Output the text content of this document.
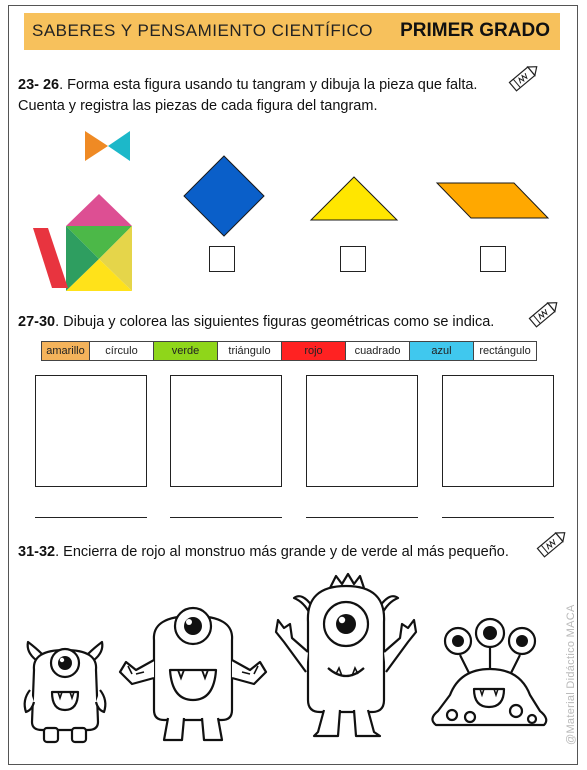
SABERES Y PENSAMIENTO CIENTÍFICO PRIMER GRADO
23- 26. Forma esta figura usando tu tangram y dibuja la pieza que falta.
Cuenta y registra las piezas de cada figura del tangram.
27-30. Dibuja y colorea las siguientes figuras geométricas como se indica.
amarillo	círculo	verde	triángulo	rojo	cuadrado	azul	rectángulo
31-32. Encierra de rojo al monstruo más grande y de verde al más pequeño.
@Material Didáctico MACA
